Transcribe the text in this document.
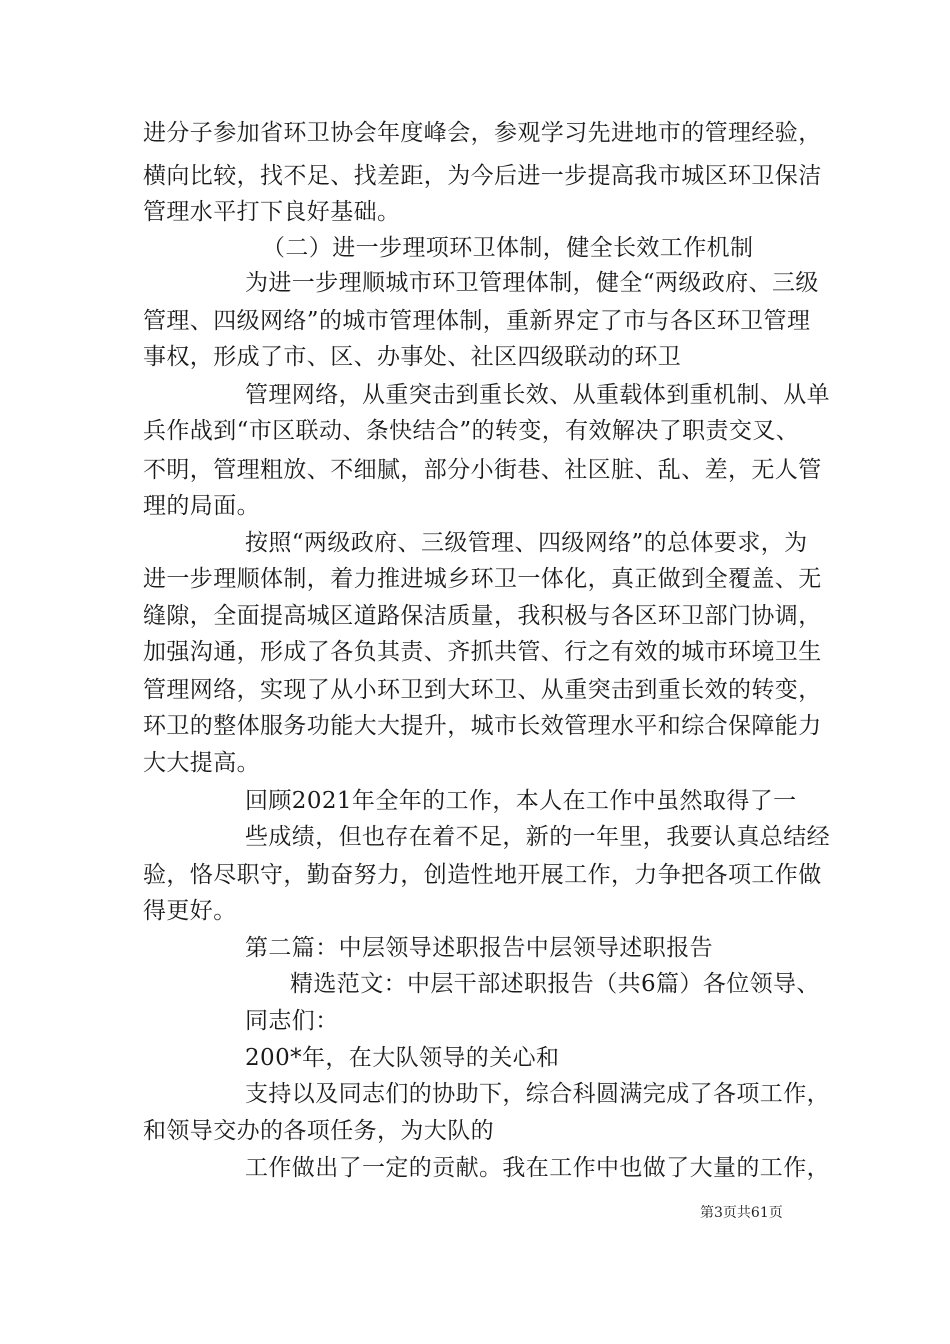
进分子参加省环卫协会年度峰会，参观学习先进地市的管理经验，
横向比较，找不足、找差距，为今后进一步提高我市城区环卫保洁
管理水平打下良好基础。
（二）进一步理项环卫体制，健全长效工作机制
为进一步理顺城市环卫管理体制，健全“两级政府、三级
管理、四级网络”的城市管理体制，重新界定了市与各区环卫管理
事权，形成了市、区、办事处、社区四级联动的环卫
管理网络，从重突击到重长效、从重载体到重机制、从单
兵作战到“市区联动、条快结合”的转变，有效解决了职责交叉、
不明，管理粗放、不细腻，部分小街巷、社区脏、乱、差，无人管
理的局面。
按照“两级政府、三级管理、四级网络”的总体要求，为
进一步理顺体制，着力推进城乡环卫一体化，真正做到全覆盖、无
缝隙，全面提高城区道路保洁质量，我积极与各区环卫部门协调，
加强沟通，形成了各负其责、齐抓共管、行之有效的城市环境卫生
管理网络，实现了从小环卫到大环卫、从重突击到重长效的转变，
环卫的整体服务功能大大提升，城市长效管理水平和综合保障能力
大大提高。
回顾2021年全年的工作，本人在工作中虽然取得了一
些成绩，但也存在着不足，新的一年里，我要认真总结经
验，恪尽职守，勤奋努力，创造性地开展工作，力争把各项工作做
得更好。
第二篇：中层领导述职报告中层领导述职报告
精选范文：中层干部述职报告（共6篇）各位领导、
同志们：
200*年，在大队领导的关心和
支持以及同志们的协助下，综合科圆满完成了各项工作，
和领导交办的各项任务，为大队的
工作做出了一定的贡献。我在工作中也做了大量的工作，
第3页共61页
